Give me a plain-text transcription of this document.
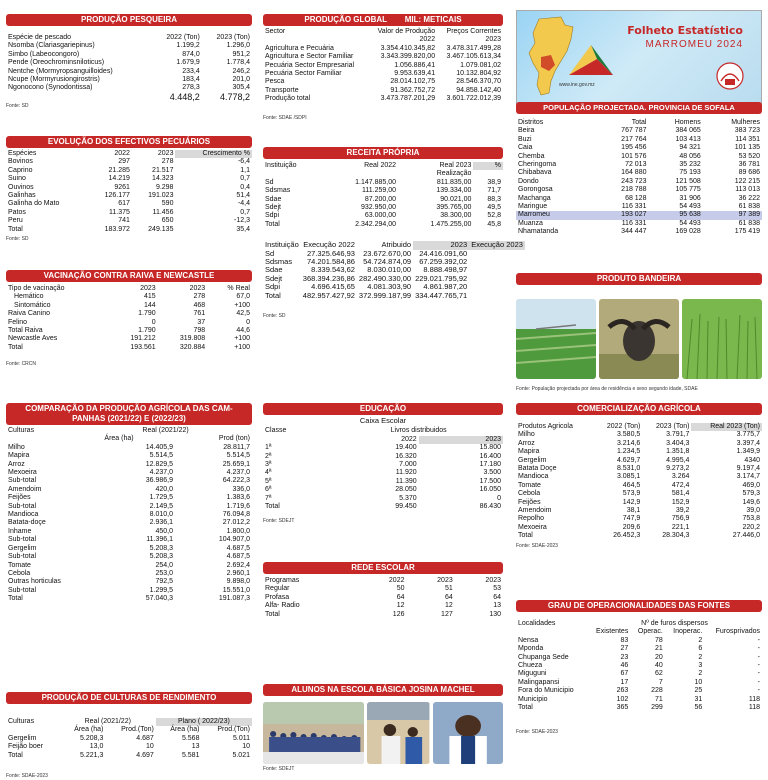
PRODUÇÃO PESQUEIRA
Espécie de pescado	2022 (Ton)	2023 (Ton)
Nsomba (Clariasgariepinus)	1.199,2	1.296,0
Simbo (Labeocongoro)	874,0	951,2
Pende (Oreochrominsniloticus)	1.679,9	1.778,4
Nentche (Mormyropsanguilloides)	233,4	246,2
Ncupe (Mormyrusiongirostris)	183,4	201,0
Ngonocono (Synodontissa)	278,3	305,4
	4.448,2	4.778,2
Fonte: SD
EVOLUÇÃO DOS EFECTIVOS PECUÁRIOS
Espécies	2022	2023	Crescimento %
Bovinos	297	278	-6,4
Caprino	21.285	21.517	1,1
Suino	14.219	14.323	0,7
Ouvinos	9261	9.298	0,4
Galinhas	126.177	191.023	51,4
Galinha do Mato	617	590	-4,4
Patos	11.375	11.456	0,7
Peru	741	650	-12,3
Total	183.972	249.135	35,4
Fonte: SD
VACINAÇÃO CONTRA RAIVA E NEWCASTLE
Tipo de vacinação	2023	2023	% Real
Hemático	415	278	67,0
Sintomático	144	468	+100
Raiva Canino	1.790	761	42,5
Felino	0	37	0
Total Raiva	1.790	798	44,6
Newcastle Aves	191.212	319.808	+100
Total	193.561	320.884	+100
Fonte: CRCN
COMPARAÇÃO DA PRODUÇÃO AGRÍCOLA DAS CAM-PANHAS (2021/22) E (2022/23)
Culturas	Real (2021/22)	
	Área (ha)	Prod (ton)
Milho	14.405,9	28.811,7
Mapira	5.514,5	5.514,5
Arroz	12.829,5	25.659,1
Mexoeira	4.237,0	4.237,0
Sub-total	36.986,9	64.222,3
Amendoim	420,0	336,0
Feijões	1.729,5	1.383,6
Sub-total	2.149,5	1.719,6
Mandioca	8.010,0	76.094,8
Batata-doçe	2.936,1	27.012,2
Inhame	450,0	1.800,0
Sub-total	11.396,1	104.907,0
Gergelim	5.208,3	4.687,5
Sub-total	5.208,3	4.687,5
Tomate	254,0	2.692,4
Cebola	253,0	2.960,1
Outras horticulas	792,5	9.898,0
Sub-total	1.299,5	15.551,0
Total	57.040,3	191.087,3
PRODUÇÃO DE CULTURAS DE RENDIMENTO
Culturas	Real (2021/22)		Plano ( 2022/23)	
	Área (ha)	Prod.(Ton)	Área (ha)	Prod.(Ton)
Gergelim	5.208,3	4.687	5.568	5.011
Feijão boer	13,0	10	13	10
Total	5.221,3	4.697	5.581	5.021
Fonte: SDAE-2023
PRODUÇÃO GLOBAL        MIL: METICAIS
Sector	Valor de Produção	Preços Correntes
	2022	2023
Agricultura e Pecuária	3.354.410.345,82	3.478.317.499,28
Agricultura e Sector Familiar	3.343.399.820,00	3.467.105.613,34
Pecuária Sector Empresarial	1.056.886,41	1.079.081,02
Pecuária Sector Familiar	9.953.639,41	10.132.804,92
Pesca	28.014.102,75	28.546.370,70
Transporte	91.362.752,72	94.858.142,40
Produção total	3.473.787.201,29	3.601.722.012,39
Fonte: SDAE /SDPI
RECEITA PRÓPRIA
Instituição	Real 2022	Real 2023	%
		Realização	
Sd	1.147.885,00	811.835,00	38,9
Sdsmas	111.259,00	139.334,00	71,7
Sdae	87.200,00	90.021,00	88,3
Sdejt	932.950,00	395.765,00	49,5
Sdpi	63.000,00	38.300,00	52,8
Total	2.342.294,00	1.475.255,00	45,8
Instituição	Execução 2022	Atribuido	2023	Execução 2023
Sd	27.325.646,93	23.672.670,00	24.416.091,60	
Sdsmas	74.201.584,86	54.724.874,09	67.259.392,02	
Sdae	8.339.543,62	8.030.010,00	8.888.498,97	
Sdejt	368.394.236,86	282.490.330,00	229.021.795,92	
Sdpi	4.696.415,65	4.081.303,90	4.861.987,20	
Total	482.957.427,92	372.999.187,99	334.447.765,71	
Fonte: SD
EDUCAÇÃO
Caixa Escolar
Classe	Livros distribuidos	
	2022	2023
1ª	19.400	15.800
2ª	16.320	16.400
3ª	7.000	17.180
4ª	11.920	3.500
5ª	11.390	17.500
6ª	28.050	16.050
7ª	5.370	0
Total	99.450	86.430
Fonte: SDEJT
REDE ESCOLAR
Programas	2022	2023	2023
Regular	50	51	53
Profasa	64	64	64
Alfa- Radio	12	12	13
Total	126	127	130
ALUNOS NA ESCOLA BÁSICA JOSINA MACHEL
Fonte: SDEJT
Folheto Estatístico
MARROMEU 2024
www.ine.gov.mz
POPULAÇÃO PROJECTADA. PROVINCIA DE SOFALA
Distritos	Total	Homens	Mulheres
Beira	767 787	384 065	383 723
Buzi	217 764	103 413	114 351
Caia	195 456	94 321	101 135
Chemba	101 576	48 056	53 520
Cheringoma	72 013	35 232	36 781
Chibabava	164 880	75 193	89 686
Dondo	243 723	121 508	122 215
Gorongosa	218 788	105 775	113 013
Machanga	68 128	31 906	36 222
Maringue	116 331	54 493	61 838
Marromeu	193 027	95 638	97 389
Muanza	116 331	54 493	61 838
Nhamatanda	344 447	169 028	175 419
PRODUTO BANDEIRA
Fonte: População projectada por área de residência e sexo segundo idade, SDAE
COMERCIALIZAÇÃO AGRÍCOLA
Produtos Agricola	2022 (Ton)	2023 (Ton)	Real 2023 (Ton)
Milho	3.580,5	3.791,7	3.775,7
Arroz	3.214,6	3.404,3	3.397,4
Mapira	1.234,5	1.351,8	1.349,9
Gergelim	4.629,7	4.995,4	4340
Batata Doçe	8.531,0	9.273,2	9.197,4
Mandioca	3.085,1	3.264	3.174,7
Tomate	464,5	472,4	469,0
Cebola	573,9	581,4	579,3
Feijões	142,9	152,9	149,6
Amendoim	38,1	39,2	39,0
Repolho	747,9	756,9	753,8
Mexoeira	209,6	221,1	220,2
Total	26.452,3	28.304,3	27.446,0
Fonte: SDAE-2023
GRAU DE OPERACIONALIDADES DAS FONTES
Localidades	Nº de furos dispersos			
	Existentes	Operac.	Inoperac.	Furosprivados
Nensa	83	78	2	-
Mponda	27	21	6	-
Chupanga Sede	23	20	2	-
Chueza	46	40	3	-
Miguguni	67	62	2	-
Malingapansi	17	7	10	-
Fora do Municipio	263	228	25	-
Municipio	102	71	31	118
Total	365	299	56	118
Fonte: SDAE-2023
